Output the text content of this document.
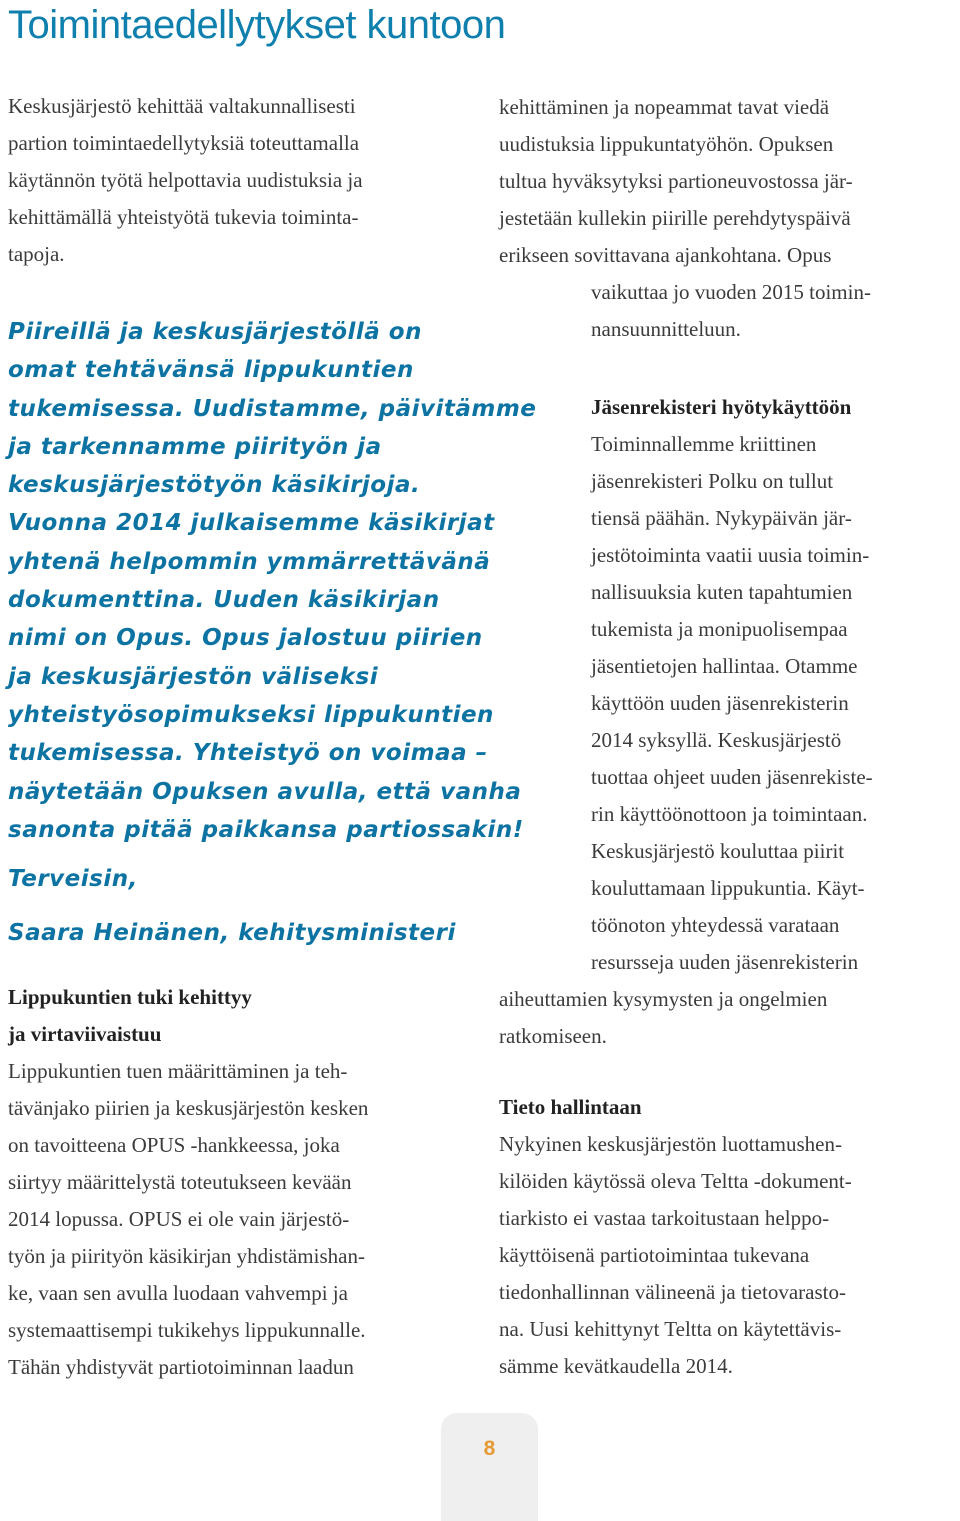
Toimintaedellytykset kuntoon
Keskusjärjestö kehittää valtakunnallisesti
partion toimintaedellytyksiä toteuttamalla
käytännön työtä helpottavia uudistuksia ja
kehittämällä yhteistyötä tukevia toiminta-
tapoja.
Piireillä ja keskusjärjestöllä on
omat tehtävänsä lippukuntien
tukemisessa. Uudistamme, päivitämme
ja tarkennamme piirityön ja
keskusjärjestötyön käsikirjoja.
Vuonna 2014 julkaisemme käsikirjat
yhtenä helpommin ymmärrettävänä
dokumenttina. Uuden käsikirjan
nimi on Opus. Opus jalostuu piirien
ja keskusjärjestön väliseksi
yhteistyösopimukseksi lippukuntien
tukemisessa. Yhteistyö on voimaa –
näytetään Opuksen avulla, että vanha
sanonta pitää paikkansa partiossakin!
Terveisin,
Saara Heinänen, kehitysministeri
Lippukuntien tuki kehittyy
ja virtaviivaistuu
Lippukuntien tuen määrittäminen ja teh-
tävänjako piirien ja keskusjärjestön kesken
on tavoitteena OPUS -hankkeessa, joka
siirtyy määrittelystä toteutukseen kevään
2014 lopussa. OPUS ei ole vain järjestö-
työn ja piirityön käsikirjan yhdistämishan-
ke, vaan sen avulla luodaan vahvempi ja
systemaattisempi tukikehys lippukunnalle.
Tähän yhdistyvät partiotoiminnan laadun
kehittäminen ja nopeammat tavat viedä
uudistuksia lippukuntatyöhön. Opuksen
tultua hyväksytyksi partioneuvostossa jär-
jestetään kullekin piirille perehdytyspäivä
erikseen sovittavana ajankohtana. Opus
vaikuttaa jo vuoden 2015 toimin-
nansuunnitteluun.
Jäsenrekisteri hyötykäyttöön
Toiminnallemme kriittinen
jäsenrekisteri Polku on tullut
tiensä päähän. Nykypäivän jär-
jestötoiminta vaatii uusia toimin-
nallisuuksia kuten tapahtumien
tukemista ja monipuolisempaa
jäsentietojen hallintaa. Otamme
käyttöön uuden jäsenrekisterin
2014 syksyllä. Keskusjärjestö
tuottaa ohjeet uuden jäsenrekiste-
rin käyttöönottoon ja toimintaan.
Keskusjärjestö kouluttaa piirit
kouluttamaan lippukuntia. Käyt-
töönoton yhteydessä varataan
resursseja uuden jäsenrekisterin
aiheuttamien kysymysten ja ongelmien
ratkomiseen.
Tieto hallintaan
Nykyinen keskusjärjestön luottamushen-
kilöiden käytössä oleva Teltta -dokument-
tiarkisto ei vastaa tarkoitustaan helppo-
käyttöisenä partiotoimintaa tukevana
tiedonhallinnan välineenä ja tietovarasto-
na. Uusi kehittynyt Teltta on käytettävis-
sämme kevätkaudella 2014.
8
